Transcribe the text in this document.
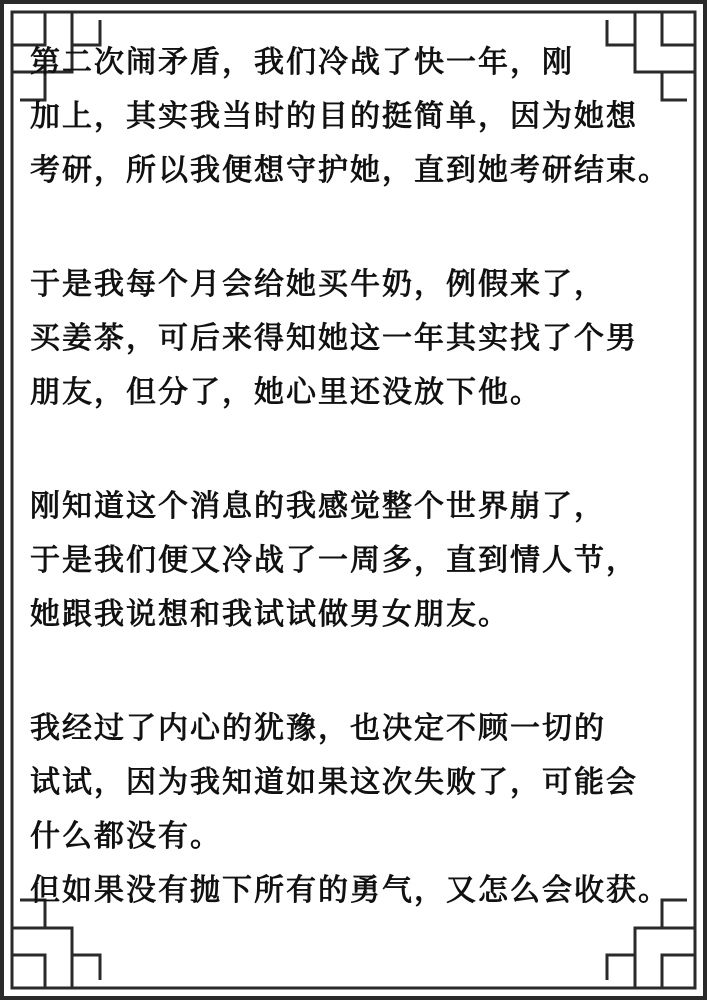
第二次闹矛盾，我们冷战了快一年，刚
加上，其实我当时的目的挺简单，因为她想
考研，所以我便想守护她，直到她考研结束。
于是我每个月会给她买牛奶，例假来了，
买姜茶，可后来得知她这一年其实找了个男
朋友，但分了，她心里还没放下他。
刚知道这个消息的我感觉整个世界崩了，
于是我们便又冷战了一周多，直到情人节，
她跟我说想和我试试做男女朋友。
我经过了内心的犹豫，也决定不顾一切的
试试，因为我知道如果这次失败了，可能会
什么都没有。
但如果没有抛下所有的勇气，又怎么会收获。
